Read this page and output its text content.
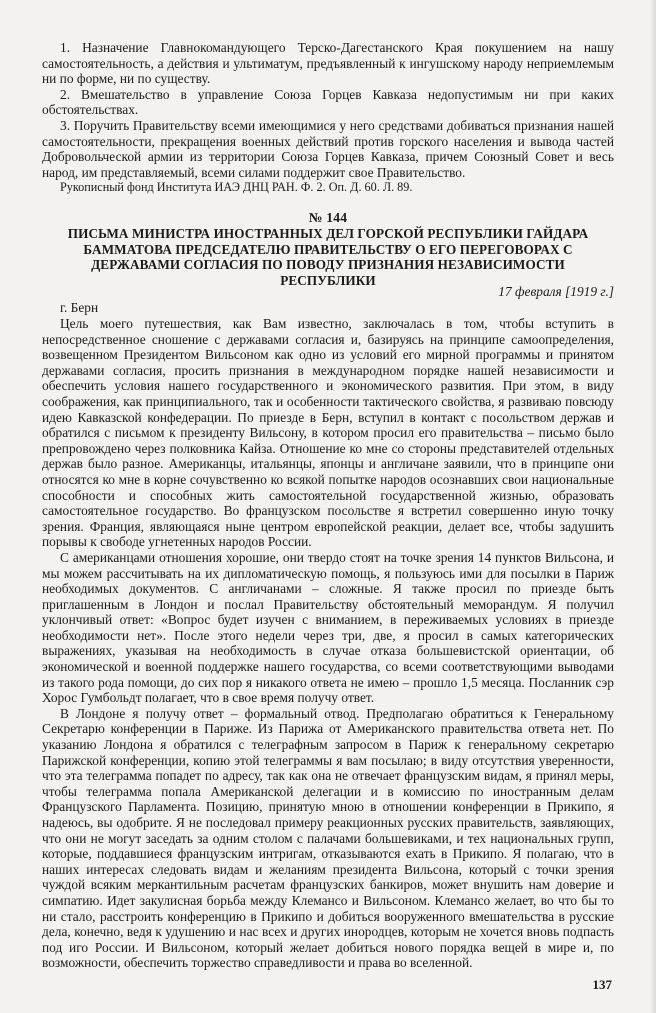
1. Назначение Главнокомандующего Терско-Дагестанского Края покушением на нашу самостоятельность, а действия и ультиматум, предъявленный к ингушскому народу неприемлемым ни по форме, ни по существу.

2. Вмешательство в управление Союза Горцев Кавказа недопустимым ни при каких обстоятельствах.

3. Поручить Правительству всеми имеющимися у него средствами добиваться признания нашей самостоятельности, прекращения военных действий против горского населения и вывода частей Добровольческой армии из территории Союза Горцев Кавказа, причем Союзный Совет и весь народ, им представляемый, всеми силами поддержит свое Правительство.

Рукописный фонд Института ИАЭ ДНЦ РАН. Ф. 2. Оп. Д. 60. Л. 89.

№ 144
ПИСЬМА МИНИСТРА ИНОСТРАННЫХ ДЕЛ ГОРСКОЙ РЕСПУБЛИКИ ГАЙДАРА БАММАТОВА ПРЕДСЕДАТЕЛЮ ПРАВИТЕЛЬСТВУ О ЕГО ПЕРЕГОВОРАХ С ДЕРЖАВАМИ СОГЛАСИЯ ПО ПОВОДУ ПРИЗНАНИЯ НЕЗАВИСИМОСТИ РЕСПУБЛИКИ
17 февраля [1919 г.]
г. Берн

Цель моего путешествия, как Вам известно, заключалась в том, чтобы вступить в непосредственное сношение с державами согласия и, базируясь на принципе самоопределения, возвещенном Президентом Вильсоном как одно из условий его мирной программы и принятом державами согласия, просить признания в международном порядке нашей независимости и обеспечить условия нашего государственного и экономического развития. При этом, в виду соображения, как принципиального, так и особенности тактического свойства, я развиваю повсюду идею Кавказской конфедерации. По приезде в Берн, вступил в контакт с посольством держав и обратился с письмом к президенту Вильсону, в котором просил его правительства – письмо было препровождено через полковника Кайза. Отношение ко мне со стороны представителей отдельных держав было разное. Американцы, итальянцы, японцы и англичане заявили, что в принципе они относятся ко мне в корне сочувственно ко всякой попытке народов осознавших свои национальные способности и способных жить самостоятельной государственной жизнью, образовать самостоятельное государство. Во французском посольстве я встретил совершенно иную точку зрения. Франция, являющаяся ныне центром европейской реакции, делает все, чтобы задушить порывы к свободе угнетенных народов России.

С американцами отношения хорошие, они твердо стоят на точке зрения 14 пунктов Вильсона, и мы можем рассчитывать на их дипломатическую помощь, я пользуюсь ими для посылки в Париж необходимых документов. С англичанами – сложные. Я также просил по приезде быть приглашенным в Лондон и послал Правительству обстоятельный меморандум. Я получил уклончивый ответ: «Вопрос будет изучен с вниманием, в переживаемых условиях в приезде необходимости нет». После этого недели через три, две, я просил в самых категорических выражениях, указывая на необходимость в случае отказа большевистской ориентации, об экономической и военной поддержке нашего государства, со всеми соответствующими выводами из такого рода помощи, до сих пор я никакого ответа не имею – прошло 1,5 месяца. Посланник сэр Хорос Гумбольдт полагает, что в свое время получу ответ.

В Лондоне я получу ответ – формальный отвод. Предполагаю обратиться к Генеральному Секретарю конференции в Париже. Из Парижа от Американского правительства ответа нет. По указанию Лондона я обратился с телеграфным запросом в Париж к генеральному секретарю Парижской конференции, копию этой телеграммы я вам посылаю; в виду отсутствия уверенности, что эта телеграмма попадет по адресу, так как она не отвечает французским видам, я принял меры, чтобы телеграмма попала Американской делегации и в комиссию по иностранным делам Французского Парламента. Позицию, принятую мною в отношении конференции в Прикипо, я надеюсь, вы одобрите. Я не последовал примеру реакционных русских правительств, заявляющих, что они не могут заседать за одним столом с палачами большевиками, и тех национальных групп, которые, поддавшиеся французским интригам, отказываются ехать в Прикипо. Я полагаю, что в наших интересах следовать видам и желаниям президента Вильсона, который с точки зрения чуждой всяким меркантильным расчетам французских банкиров, может внушить нам доверие и симпатию. Идет закулисная борьба между Клемансо и Вильсоном. Клемансо желает, во что бы то ни стало, расстроить конференцию в Прикипо и добиться вооруженного вмешательства в русские дела, конечно, ведя к удушению и нас всех и других инородцев, которым не хочется вновь подпасть под иго России. И Вильсоном, который желает добиться нового порядка вещей в мире и, по возможности, обеспечить торжество справедливости и права во вселенной.

137
